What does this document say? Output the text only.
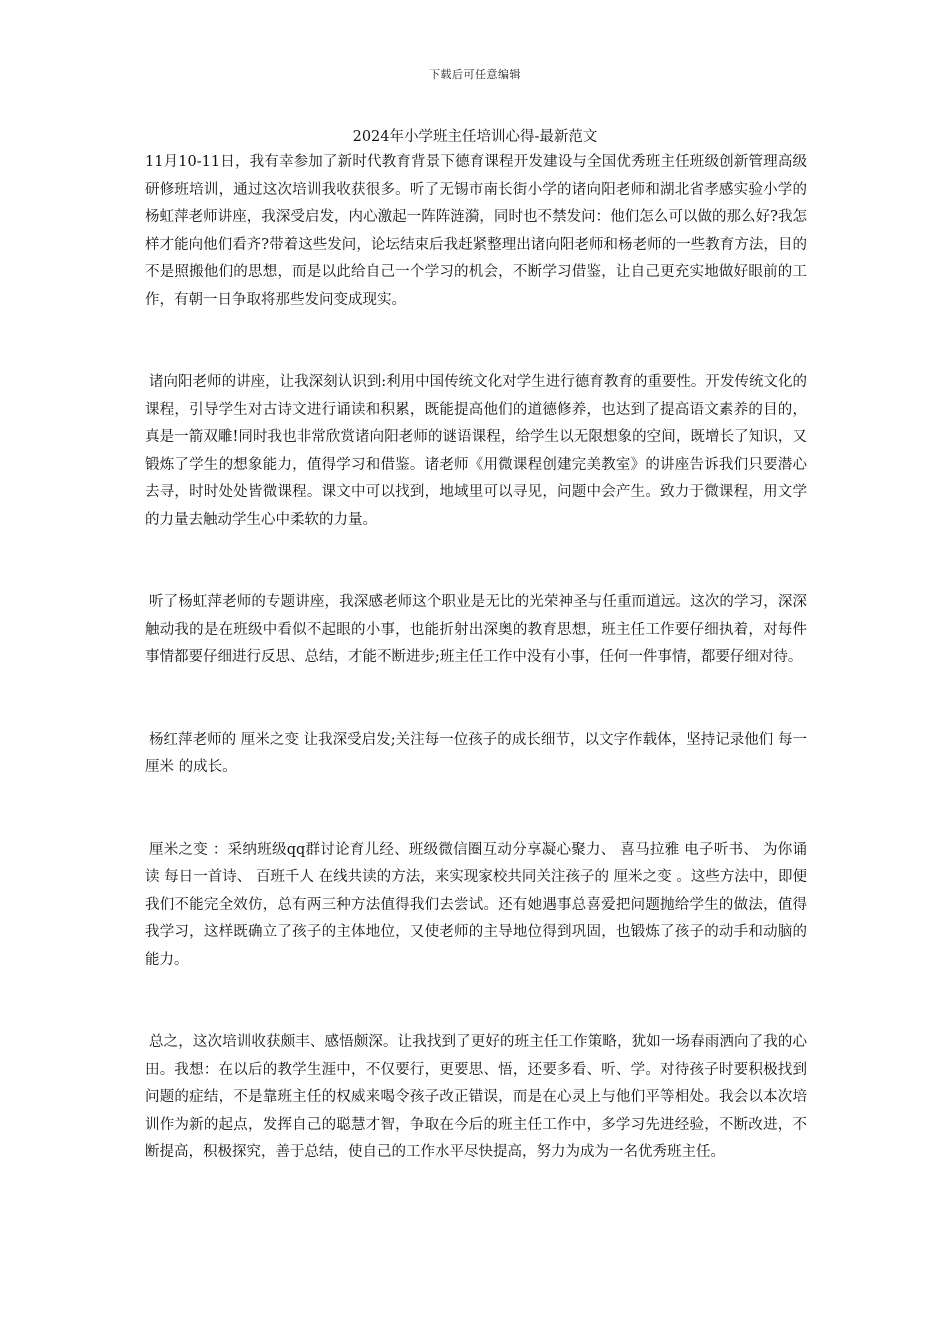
下载后可任意编辑
2024年小学班主任培训心得-最新范文

11月10-11日，我有幸参加了新时代教育背景下德育课程开发建设与全国优秀班主任班级创新管理高级研修班培训，通过这次培训我收获很多。听了无锡市南长街小学的诸向阳老师和湖北省孝感实验小学的杨虹萍老师讲座，我深受启发，内心激起一阵阵涟漪，同时也不禁发问：他们怎么可以做的那么好?我怎样才能向他们看齐?带着这些发问，论坛结束后我赶紧整理出诸向阳老师和杨老师的一些教育方法，目的不是照搬他们的思想，而是以此给自己一个学习的机会，不断学习借鉴，让自己更充实地做好眼前的工作，有朝一日争取将那些发问变成现实。

诸向阳老师的讲座，让我深刻认识到:利用中国传统文化对学生进行德育教育的重要性。开发传统文化的课程，引导学生对古诗文进行诵读和积累，既能提高他们的道德修养，也达到了提高语文素养的目的，真是一箭双雕!同时我也非常欣赏诸向阳老师的谜语课程，给学生以无限想象的空间，既增长了知识，又锻炼了学生的想象能力，值得学习和借鉴。诸老师《用微课程创建完美教室》的讲座告诉我们只要潜心去寻，时时处处皆微课程。课文中可以找到，地域里可以寻见，问题中会产生。致力于微课程，用文学的力量去触动学生心中柔软的力量。

听了杨虹萍老师的专题讲座，我深感老师这个职业是无比的光荣神圣与任重而道远。这次的学习，深深触动我的是在班级中看似不起眼的小事，也能折射出深奥的教育思想，班主任工作要仔细执着，对每件事情都要仔细进行反思、总结，才能不断进步;班主任工作中没有小事，任何一件事情，都要仔细对待。

杨红萍老师的 厘米之变 让我深受启发;关注每一位孩子的成长细节，以文字作载体，坚持记录他们 每一厘米 的成长。

厘米之变 ：采纳班级qq群讨论育儿经、班级微信圈互动分享凝心聚力、 喜马拉雅 电子听书、 为你诵读 每日一首诗、 百班千人 在线共读的方法，来实现家校共同关注孩子的 厘米之变 。这些方法中，即便我们不能完全效仿，总有两三种方法值得我们去尝试。还有她遇事总喜爱把问题抛给学生的做法，值得我学习，这样既确立了孩子的主体地位，又使老师的主导地位得到巩固，也锻炼了孩子的动手和动脑的能力。

总之，这次培训收获颇丰、感悟颇深。让我找到了更好的班主任工作策略，犹如一场春雨洒向了我的心田。我想：在以后的教学生涯中，不仅要行，更要思、悟，还要多看、听、学。对待孩子时要积极找到问题的症结，不是靠班主任的权威来喝令孩子改正错误，而是在心灵上与他们平等相处。我会以本次培训作为新的起点，发挥自己的聪慧才智，争取在今后的班主任工作中，多学习先进经验，不断改进，不断提高，积极探究，善于总结，使自己的工作水平尽快提高，努力为成为一名优秀班主任。
